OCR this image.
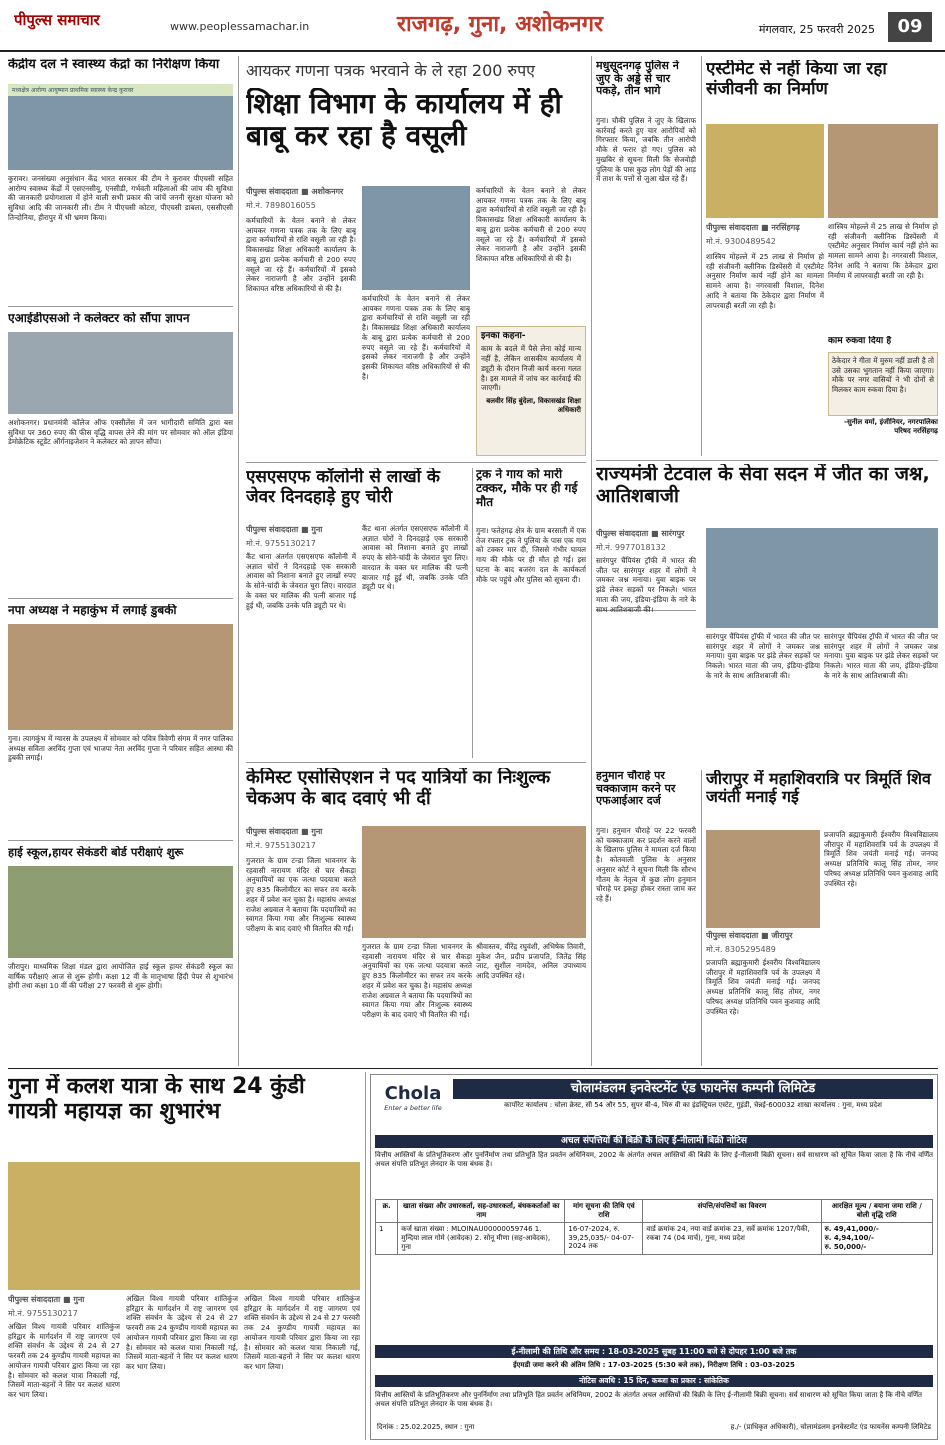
पीपुल्स समाचार	www.peoplessamachar.in	राजगढ़, गुना, अशोकनगर	मंगलवार, 25 फरवरी 2025	09
केंद्रीय दल ने स्वास्थ्य केंद्रों का निरीक्षण किया
मध्यक्षेत्र आरोग्य आयुष्मान प्राथमिक स्वास्थ्य केन्द्र कुरावर
कुरावर। जनसंख्या अनुसंधान केंद्र भारत सरकार की टीम ने कुरावर पीएचसी सहित आरोग्य स्वास्थ्य केंद्रों में एसएनसीयू, एनसीडी, गर्भवती महिलाओं की जांच की सुविधा की जानकारी प्रयोगशाला में होने वाली सभी प्रकार की जांचें जननी सुरक्षा योजना को सुविधा आदि की जानकारी ली। टीम ने पीएचसी कोटरा, पीएचसी डाबला, एससीएसी तिन्दोनिया, हीरापुर में भी भ्रमण किया।
एआईडीएसओ ने कलेक्टर को सौंपा ज्ञापन
अशोकनगर। प्रधानमंत्री कॉलेज ऑफ एक्सीलेंस में जन भागीदारी समिति द्वारा बस सुविधा पर 360 रुपए की फीस वृद्धि वापस लेने की मांग पर सोमवार को ऑल इंडिया डेमोक्रेटिक स्टूडेंट ऑर्गनाइजेशन ने कलेक्टर को ज्ञापन सौंपा।
नपा अध्यक्ष ने महाकुंभ में लगाई डुबकी
गुना। त्यागकुंभ में ग्यारस के उपलक्ष्य में सोमवार को पवित्र त्रिवेणी संगम में नगर पालिका अध्यक्ष सविता अरविंद गुप्ता एवं भाजपा नेता अरविंद गुप्ता ने परिवार सहित आस्था की डुबकी लगाई।
हाई स्कूल,हायर सेकंडरी बोर्ड परीक्षाएं शुरू
जीरापुर। माध्यमिक शिक्षा मंडल द्वारा आयोजित हाई स्कूल हायर सेकंडरी स्कूल का वार्षिक परीक्षाएं आज से शुरू होगी। कक्षा 12 वीं के मातृभाषा हिंदी पेपर से शुभारंभ होगी तथा कक्षा 10 वीं की परीक्षा 27 फरवरी से शुरू होगी।
आयकर गणना पत्रक भरवाने के ले रहा 200 रुपए
शिक्षा विभाग के कार्यालय में ही बाबू कर रहा है वसूली
पीपुल्स संवाददाता ■ अशोकनगर
मो.नं. 7898016055
कर्मचारियों के वेतन बनाने से लेकर आयकर गणना पत्रक तक के लिए बाबू द्वारा कर्मचारियों से राशि वसूली जा रही है। विकासखंड शिक्षा अधिकारी कार्यालय के बाबू द्वारा प्रत्येक कर्मचारी से 200 रुपए वसूले जा रहे हैं। कर्मचारियों में इसको लेकर नाराजगी है और उन्होंने इसकी शिकायत वरिष्ठ अधिकारियों से की है।
कर्मचारियों के वेतन बनाने से लेकर आयकर गणना पत्रक तक के लिए बाबू द्वारा कर्मचारियों से राशि वसूली जा रही है। विकासखंड शिक्षा अधिकारी कार्यालय के बाबू द्वारा प्रत्येक कर्मचारी से 200 रुपए वसूले जा रहे हैं। कर्मचारियों में इसको लेकर नाराजगी है और उन्होंने इसकी शिकायत वरिष्ठ अधिकारियों से की है।
कर्मचारियों के वेतन बनाने से लेकर आयकर गणना पत्रक तक के लिए बाबू द्वारा कर्मचारियों से राशि वसूली जा रही है। विकासखंड शिक्षा अधिकारी कार्यालय के बाबू द्वारा प्रत्येक कर्मचारी से 200 रुपए वसूले जा रहे हैं। कर्मचारियों में इसको लेकर नाराजगी है और उन्होंने इसकी शिकायत वरिष्ठ अधिकारियों से की है।
इनका कहना-
काम के बदले में पैसे लेना कोई मान्य नहीं है, लेकिन शासकीय कार्यालय में ड्यूटी के दौरान निजी कार्य करना गलत है। इस मामले में जांच कर कार्रवाई की जाएगी।
बलवीर सिंह बुंदेला, विकासखंड शिक्षा अधिकारी
एसएसएफ कॉलोनी से लाखों के जेवर दिनदहाड़े हुए चोरी
पीपुल्स संवाददाता ■ गुना
मो.नं. 9755130217
कैंट थाना अंतर्गत एसएसएफ कॉलोनी में अज्ञात चोरों ने दिनदहाड़े एक सरकारी आवास को निशाना बनाते हुए लाखों रुपए के सोने-चांदी के जेवरात चुरा लिए। वारदात के वक्त घर मालिक की पत्नी बाजार गई हुई थी, जबकि उनके पति ड्यूटी पर थे।
कैंट थाना अंतर्गत एसएसएफ कॉलोनी में अज्ञात चोरों ने दिनदहाड़े एक सरकारी आवास को निशाना बनाते हुए लाखों रुपए के सोने-चांदी के जेवरात चुरा लिए। वारदात के वक्त घर मालिक की पत्नी बाजार गई हुई थी, जबकि उनके पति ड्यूटी पर थे।
ट्रक ने गाय को मारी टक्कर, मौके पर ही गई मौत
गुना। फतेहगढ़ क्षेत्र के ग्राम बरसाती में एक तेज रफ्तार ट्रक ने पुलिया के पास एक गाय को टक्कर मार दी, जिससे गंभीर घायल गाय की मौके पर ही मौत हो गई। इस घटना के बाद बजरंग दल के कार्यकर्ता मौके पर पहुंचे और पुलिस को सूचना दी।
केमिस्ट एसोसिएशन ने पद यात्रियों का निःशुल्क चेकअप के बाद दवाएं भी दीं
पीपुल्स संवाददाता ■ गुना
मो.नं. 9755130217
गुजरात के ग्राम टन्डा जिला भावनगर के रहवासी नारायण मंदिर से चार सैकड़ा अनुयायियों का एक जत्था पदयात्रा करते हुए 835 किलोमीटर का सफर तय करके शहर में प्रवेश कर चुका है। महासंघ अध्यक्ष राजेश अग्रवाल ने बताया कि पदयात्रियों का स्वागत किया गया और निःशुल्क स्वास्थ्य परीक्षण के बाद दवाएं भी वितरित की गईं।
गुजरात के ग्राम टन्डा जिला भावनगर के रहवासी नारायण मंदिर से चार सैकड़ा अनुयायियों का एक जत्था पदयात्रा करते हुए 835 किलोमीटर का सफर तय करके शहर में प्रवेश कर चुका है। महासंघ अध्यक्ष राजेश अग्रवाल ने बताया कि पदयात्रियों का स्वागत किया गया और निःशुल्क स्वास्थ्य परीक्षण के बाद दवाएं भी वितरित की गईं।
श्रीवास्तव, वीरेंद्र रघुवंशी, अभिषेक तिवारी, मुकेश जैन, प्रदीप प्रजापति, जितेंद्र सिंह जाट, सुशील नामदेव, अनिल उपाध्याय आदि उपस्थित रहे।
मधुसूदनगढ़ पुलिस ने जुए के अड्डे से चार पकड़े, तीन भागे
गुना। चौकी पुलिस ने जुए के खिलाफ कार्रवाई करते हुए चार आरोपियों को गिरफ्तार किया, जबकि तीन आरोपी मौके से फरार हो गए। पुलिस को मुखबिर से सूचना मिली कि सेजवोड़ी पुलिया के पास कुछ लोग पेड़ों की आड़ में ताश के पत्तों से जुआ खेल रहे हैं।
हनुमान चौराहे पर चक्काजाम करने पर एफआईआर दर्ज
गुना। हनुमान चौराहे पर 22 फरवरी को चक्काजाम कर प्रदर्शन करने वालों के खिलाफ पुलिस ने मामला दर्ज किया है। कोतवाली पुलिस के अनुसार अनुसार कोर्ट ने सूचना मिली कि सौरभ गौतम के नेतृत्व में कुछ लोग हनुमान चौराहे पर इकट्ठा होकर रास्ता जाम कर रहे हैं।
एस्टीमेट से नहीं किया जा रहा संजीवनी का निर्माण
पीपुल्स संवाददाता ■ नरसिंहगढ़
मो.नं. 9300489542
शास्त्रिय मोहल्ले में 25 लाख से निर्माण हो रही संजीवनी क्लीनिक डिस्पेंसरी में एस्टीमेट अनुसार निर्माण कार्य नहीं होने का मामला सामने आया है। नगरवासी विशाल, दिनेश आदि ने बताया कि ठेकेदार द्वारा निर्माण में लापरवाही बरती जा रही है।
शास्त्रिय मोहल्ले में 25 लाख से निर्माण हो रही संजीवनी क्लीनिक डिस्पेंसरी में एस्टीमेट अनुसार निर्माण कार्य नहीं होने का मामला सामने आया है। नगरवासी विशाल, दिनेश आदि ने बताया कि ठेकेदार द्वारा निर्माण में लापरवाही बरती जा रही है।
काम रुकवा दिया है
ठेकेदार ने गीता में मुरुम नहीं डाली है तो उसे उसका भुगतान नहीं किया जाएगा। मौके पर नगर वासियों ने भी दोनों से मिलकर काम रुकवा दिया है।
-सुनील वर्मा, इंजीनियर, नगरपालिका परिषद नरसिंहगढ़
राज्यमंत्री टेटवाल के सेवा सदन में जीत का जश्न, आतिशबाजी
पीपुल्स संवाददाता ■ सारंगपुर
मो.नं. 9977018132
सारंगपुर चैंपियंस ट्रॉफी में भारत की जीत पर सारंगपुर शहर में लोगों ने जमकर जश्न मनाया। युवा बाइक पर झंडे लेकर सड़कों पर निकले। भारत माता की जय, इंडिया-इंडिया के नारे के साथ आतिशबाजी की।
सारंगपुर चैंपियंस ट्रॉफी में भारत की जीत पर सारंगपुर शहर में लोगों ने जमकर जश्न मनाया। युवा बाइक पर झंडे लेकर सड़कों पर निकले। भारत माता की जय, इंडिया-इंडिया के नारे के साथ आतिशबाजी की।
सारंगपुर चैंपियंस ट्रॉफी में भारत की जीत पर सारंगपुर शहर में लोगों ने जमकर जश्न मनाया। युवा बाइक पर झंडे लेकर सड़कों पर निकले। भारत माता की जय, इंडिया-इंडिया के नारे के साथ आतिशबाजी की।
जीरापुर में महाशिवरात्रि पर त्रिमूर्ति शिव जयंती मनाई गई
पीपुल्स संवाददाता ■ जीरापुर
मो.नं. 8305295489
प्रजापति ब्रह्माकुमारी ईश्वरीय विश्वविद्यालय जीरापुर में महाशिवरात्रि पर्व के उपलक्ष्य में त्रिमूर्ति शिव जयंती मनाई गई। जनपद अध्यक्ष प्रतिनिधि कालू सिंह तोमर, नगर परिषद अध्यक्ष प्रतिनिधि पवन कुशवाह आदि उपस्थित रहे।
प्रजापति ब्रह्माकुमारी ईश्वरीय विश्वविद्यालय जीरापुर में महाशिवरात्रि पर्व के उपलक्ष्य में त्रिमूर्ति शिव जयंती मनाई गई। जनपद अध्यक्ष प्रतिनिधि कालू सिंह तोमर, नगर परिषद अध्यक्ष प्रतिनिधि पवन कुशवाह आदि उपस्थित रहे।
गुना में कलश यात्रा के साथ 24 कुंडी गायत्री महायज्ञ का शुभारंभ
पीपुल्स संवाददाता ■ गुना
मो.नं. 9755130217
अखिल विश्व गायत्री परिवार शांतिकुंज हरिद्वार के मार्गदर्शन में राष्ट्र जागरण एवं शक्ति संवर्धन के उद्देश्य से 24 से 27 फरवरी तक 24 कुण्डीय गायत्री महायज्ञ का आयोजन गायत्री परिवार द्वारा किया जा रहा है। सोमवार को कलश यात्रा निकाली गई, जिसमें माता-बहनों ने सिर पर कलश धारण कर भाग लिया।
अखिल विश्व गायत्री परिवार शांतिकुंज हरिद्वार के मार्गदर्शन में राष्ट्र जागरण एवं शक्ति संवर्धन के उद्देश्य से 24 से 27 फरवरी तक 24 कुण्डीय गायत्री महायज्ञ का आयोजन गायत्री परिवार द्वारा किया जा रहा है। सोमवार को कलश यात्रा निकाली गई, जिसमें माता-बहनों ने सिर पर कलश धारण कर भाग लिया।
अखिल विश्व गायत्री परिवार शांतिकुंज हरिद्वार के मार्गदर्शन में राष्ट्र जागरण एवं शक्ति संवर्धन के उद्देश्य से 24 से 27 फरवरी तक 24 कुण्डीय गायत्री महायज्ञ का आयोजन गायत्री परिवार द्वारा किया जा रहा है। सोमवार को कलश यात्रा निकाली गई, जिसमें माता-बहनों ने सिर पर कलश धारण कर भाग लिया।
Chola
Enter a better life
चोलामंडलम इनवेस्टमेंट एंड फायनेंस कम्पनी लिमिटेड
कार्पोरेट कार्यालय : चोला क्रेस्ट, सी 54 और 55, सुपर बी-4, थिरु वी का इंडस्ट्रियल एस्टेट, गुइंडी, चेन्नई-600032 शाखा कार्यालय : गुना, मध्य प्रदेश
अचल संपत्तियों की बिक्री के लिए ई-नीलामी बिक्री नोटिस
वित्तीय आस्तियों के प्रतिभूतिकरण और पुनर्निर्माण तथा प्रतिभूति हित प्रवर्तन अधिनियम, 2002 के अंतर्गत अचल आस्तियों की बिक्री के लिए ई-नीलामी बिक्री सूचना। सर्व साधारण को सूचित किया जाता है कि नीचे वर्णित अचल संपत्ति प्रतिभूत लेनदार के पास बंधक है।
क्र.	खाता संख्या और उधारकर्ता, सह-उधारकर्ता, बंधककर्ताओं का नाम	मांग सूचना की तिथि एवं राशि	संपत्ति/संपत्तियों का विवरण	आरक्षित मूल्य / बयाना जमा राशि / बोली वृद्धि राशि
1	कर्ज खाता संख्या : MLOINAU00000059746 1. मुन्दिया लाल गोमे (आवेदक) 2. सोनू मीणा (सह-आवेदक), गुना	16-07-2024, रु. 39,25,035/- 04-07-2024 तक	वार्ड क्रमांक 24, नया वार्ड क्रमांक 23, सर्वे क्रमांक 1207/पैकी, रकबा 74 (04 मार्च), गुना, मध्य प्रदेश	रु. 49,41,000/-
रु. 4,94,100/-
रु. 50,000/-
ई-नीलामी की तिथि और समय : 18-03-2025 सुबह 11:00 बजे से दोपहर 1:00 बजे तक
ईएमडी जमा करने की अंतिम तिथि : 17-03-2025 (5:30 बजे तक), निरीक्षण तिथि : 03-03-2025
नोटिस अवधि : 15 दिन, कब्जा का प्रकार : सांकेतिक
वित्तीय आस्तियों के प्रतिभूतिकरण और पुनर्निर्माण तथा प्रतिभूति हित प्रवर्तन अधिनियम, 2002 के अंतर्गत अचल आस्तियों की बिक्री के लिए ई-नीलामी बिक्री सूचना। सर्व साधारण को सूचित किया जाता है कि नीचे वर्णित अचल संपत्ति प्रतिभूत लेनदार के पास बंधक है।
दिनांक : 25.02.2025, स्थान : गुना	ह./- (प्राधिकृत अधिकारी), चोलामंडलम इनवेस्टमेंट एंड फायनेंस कम्पनी लिमिटेड
